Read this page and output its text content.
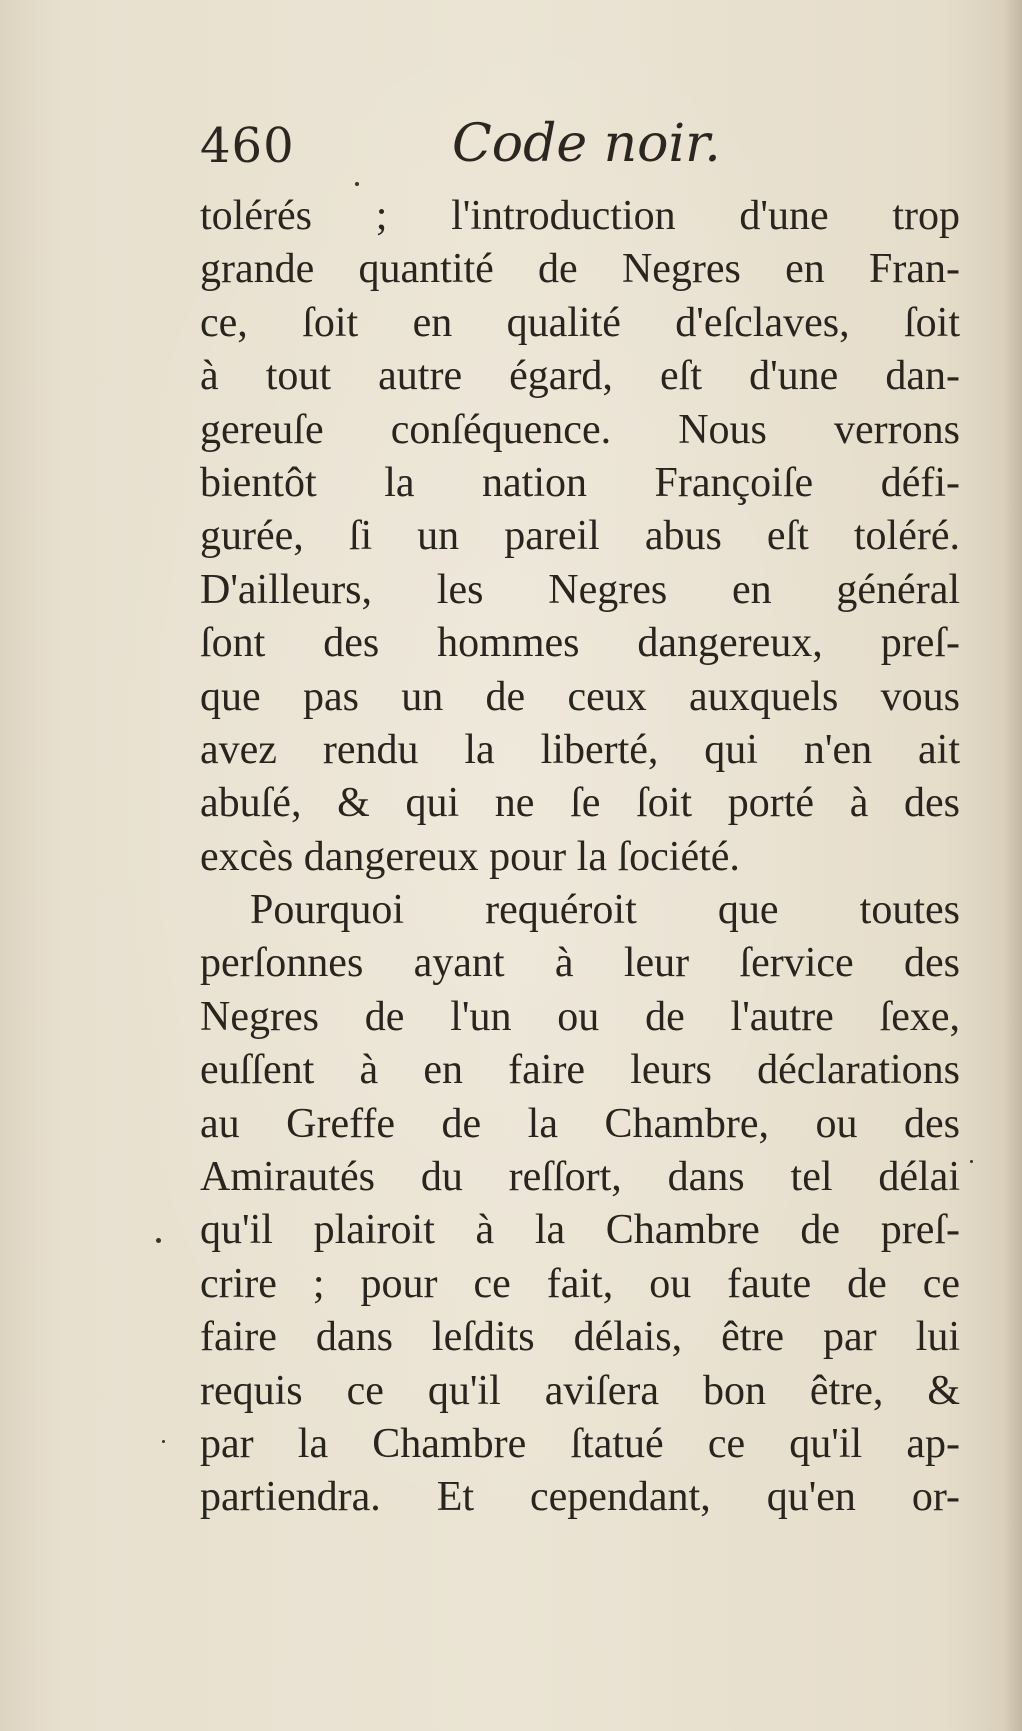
460	Code noir.
tolérés ; l'introduction d'une trop
grande quantité de Negres en Fran-
ce, ſoit en qualité d'eſclaves, ſoit
à tout autre égard, eſt d'une dan-
gereuſe conſéquence. Nous verrons
bientôt la nation Françoiſe défi-
gurée, ſi un pareil abus eſt toléré.
D'ailleurs, les Negres en général
ſont des hommes dangereux, preſ-
que pas un de ceux auxquels vous
avez rendu la liberté, qui n'en ait
abuſé, & qui ne ſe ſoit porté à des
excès dangereux pour la ſociété.
Pourquoi requéroit que toutes
perſonnes ayant à leur ſervice des
Negres de l'un ou de l'autre ſexe,
euſſent à en faire leurs déclarations
au Greffe de la Chambre, ou des
Amirautés du reſſort, dans tel délai
qu'il plairoit à la Chambre de preſ-
crire ; pour ce fait, ou faute de ce
faire dans leſdits délais, être par lui
requis ce qu'il aviſera bon être, &
par la Chambre ſtatué ce qu'il ap-
partiendra. Et cependant, qu'en or-
